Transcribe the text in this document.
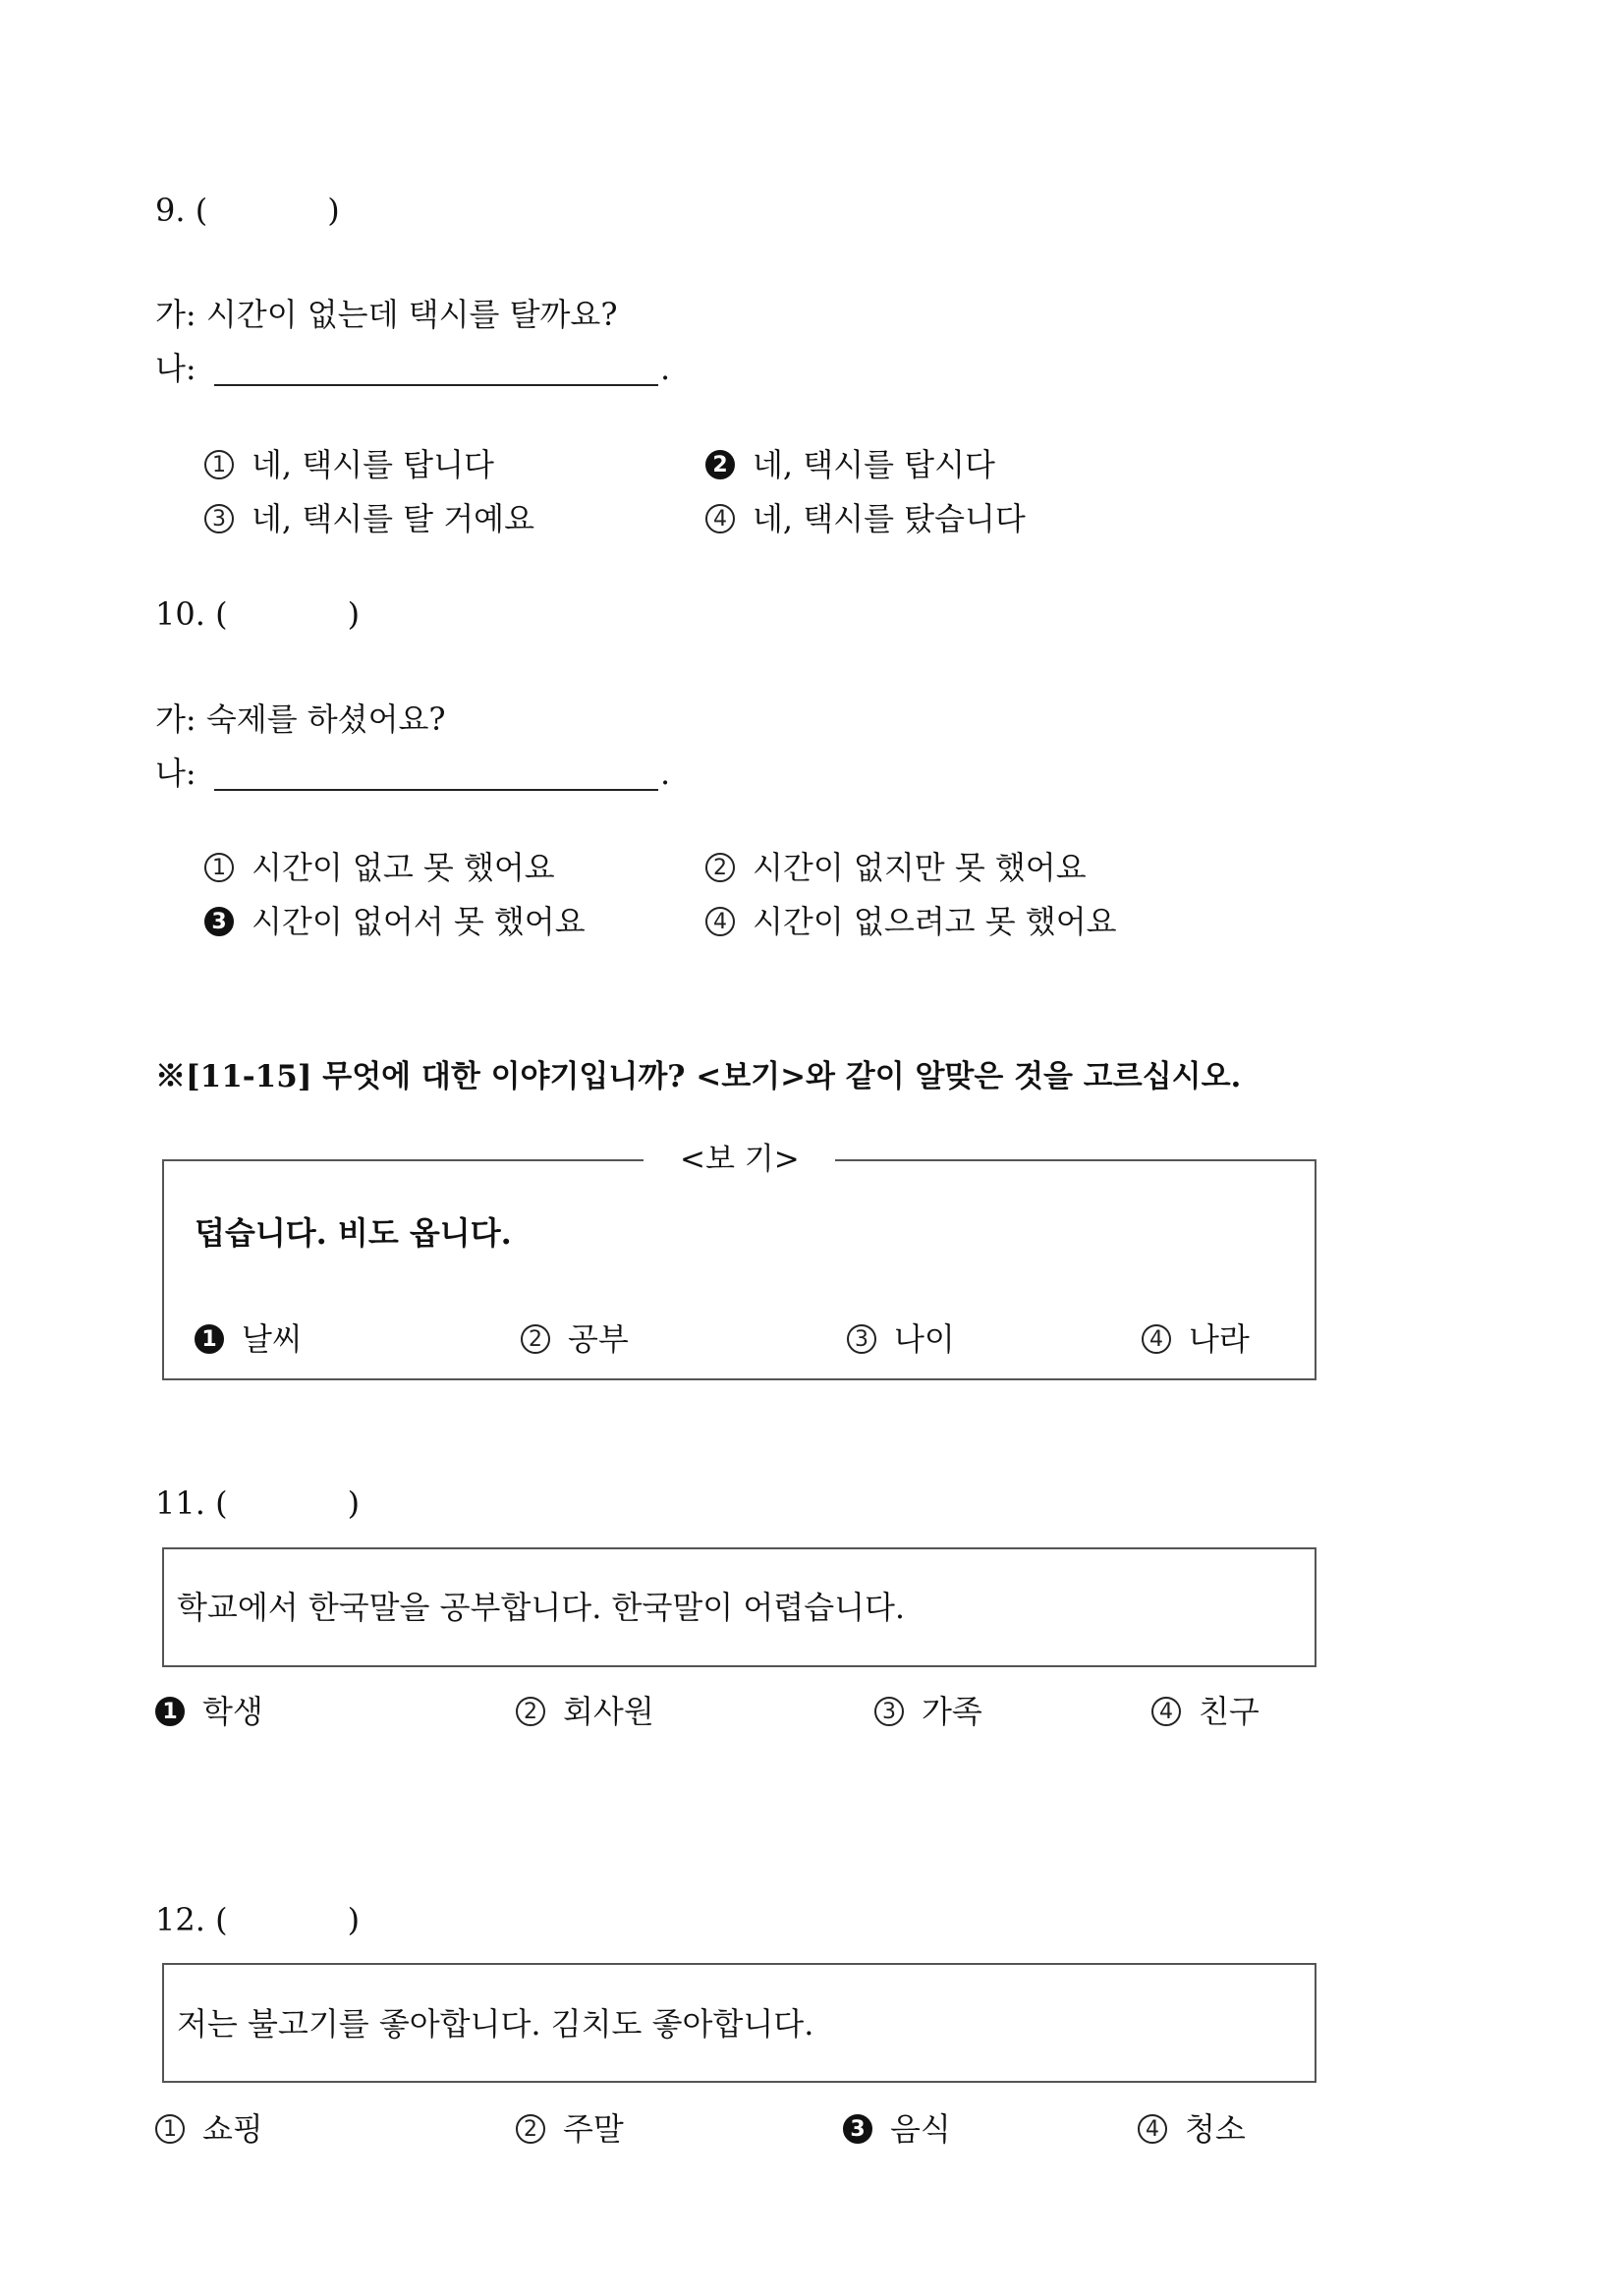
9. (            )
가: 시간이 없는데 택시를 탈까요?
나:	.
1 네, 택시를 탑니다	2 네, 택시를 탑시다
3 네, 택시를 탈 거예요	4 네, 택시를 탔습니다
10. (            )
가: 숙제를 하셨어요?
나:	.
1 시간이 없고 못 했어요	2 시간이 없지만 못 했어요
3 시간이 없어서 못 했어요	4 시간이 없으려고 못 했어요
※[11-15] 무엇에 대한 이야기입니까? <보기>와 같이 알맞은 것을 고르십시오.
<보 기>
덥습니다. 비도 옵니다.
1 날씨	2 공부	3 나이	4 나라
11. (            )
학교에서 한국말을 공부합니다. 한국말이 어렵습니다.
1 학생	2 회사원	3 가족	4 친구
12. (            )
저는 불고기를 좋아합니다. 김치도 좋아합니다.
1 쇼핑	2 주말	3 음식	4 청소
